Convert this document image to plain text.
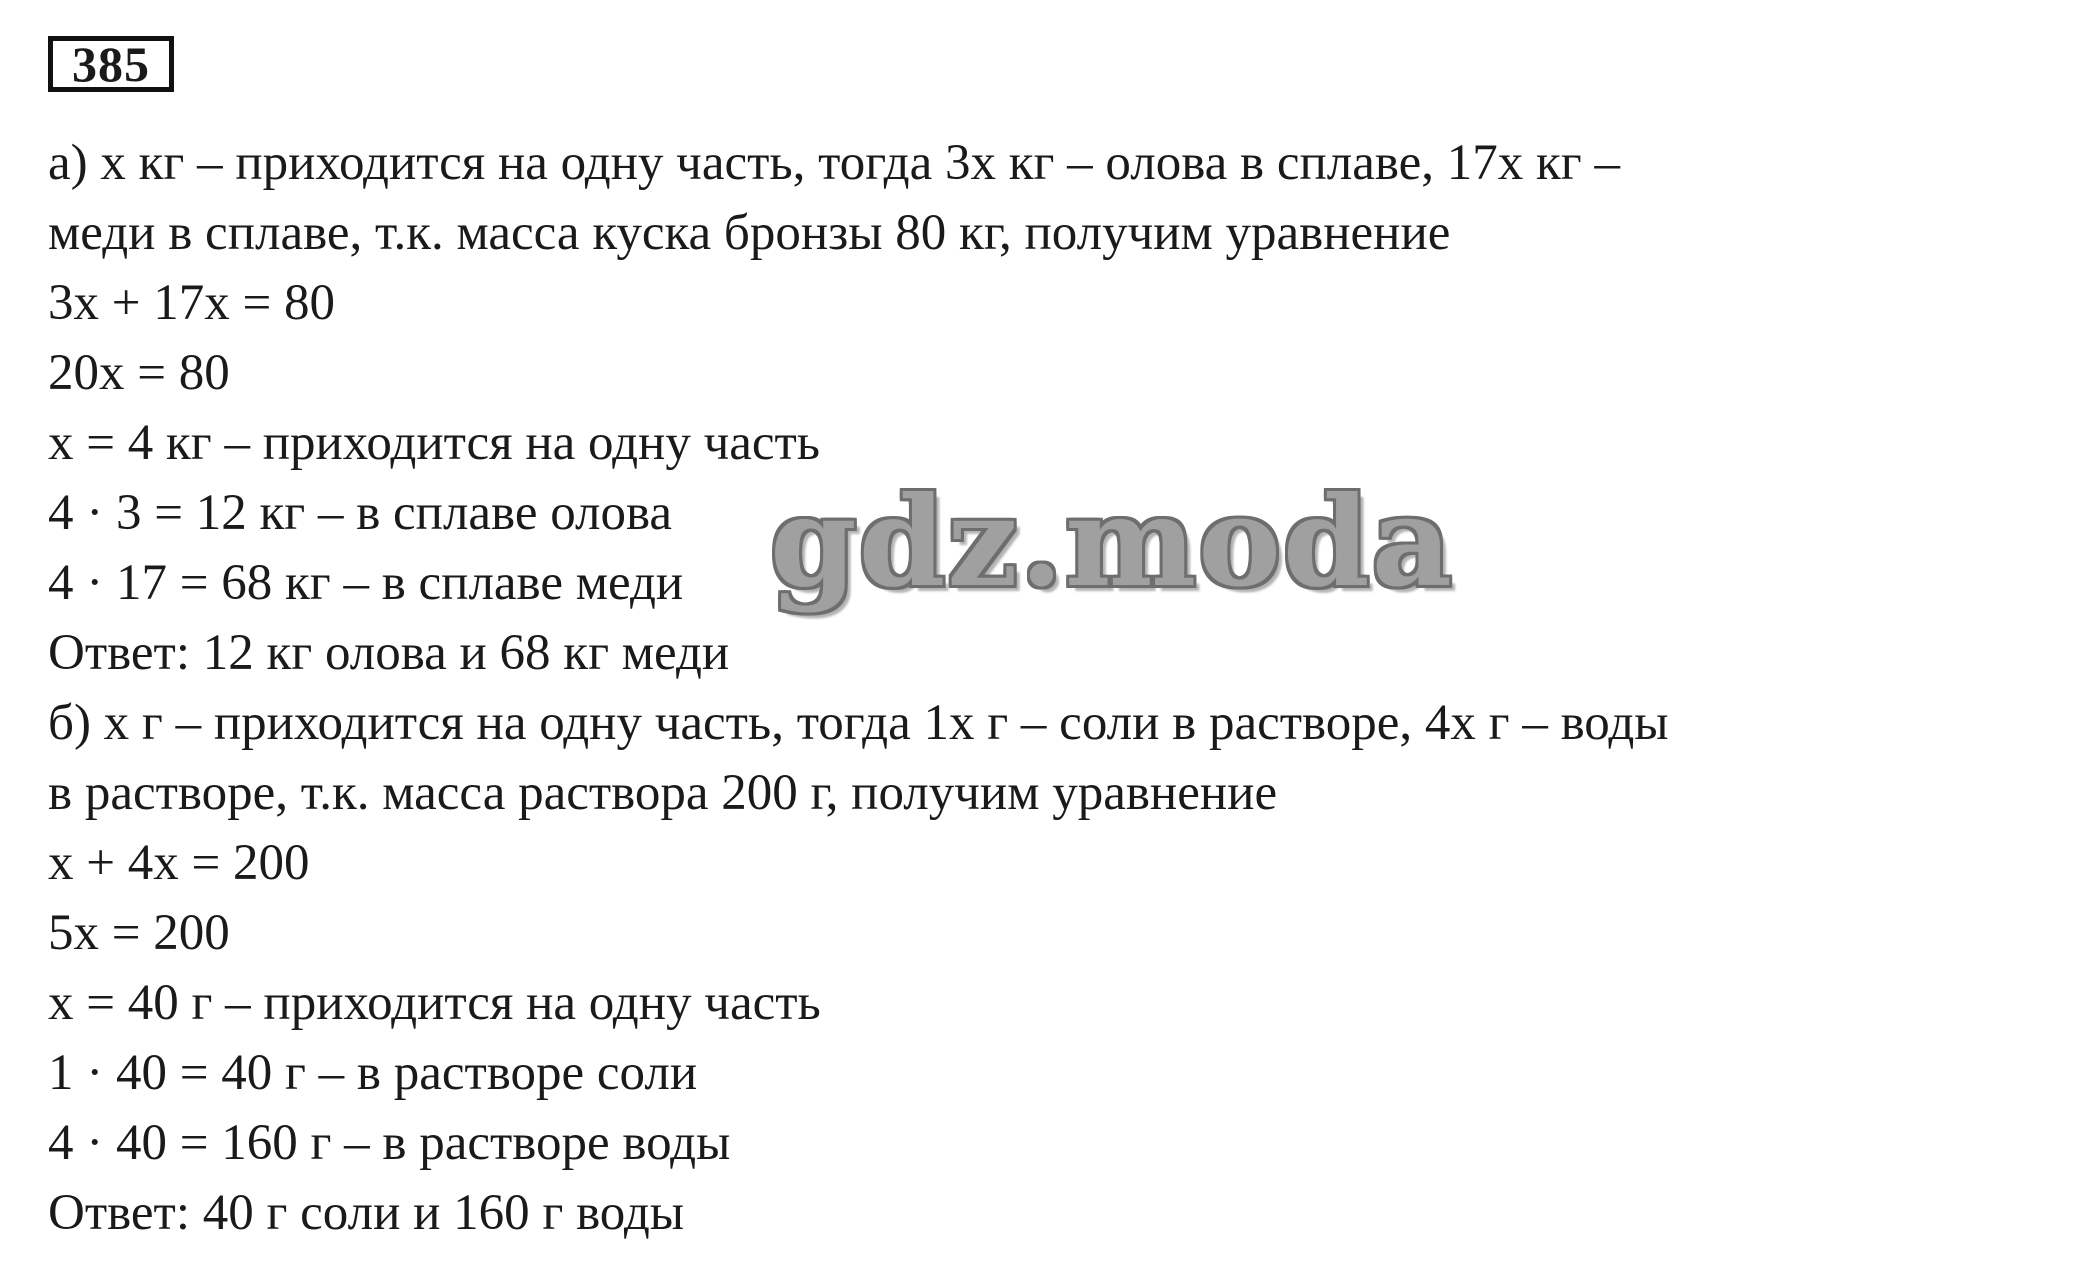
385
а) х кг – приходится на одну часть, тогда 3х кг – олова в сплаве, 17х кг –
меди в сплаве, т.к. масса куска бронзы 80 кг, получим уравнение
3х + 17х = 80
20х = 80
х = 4 кг – приходится на одну часть
4 · 3 = 12 кг – в сплаве олова
4 · 17 = 68 кг – в сплаве меди
Ответ: 12 кг олова и 68 кг меди
б) х г – приходится на одну часть, тогда 1х г – соли в растворе, 4х г – воды
в растворе, т.к. масса раствора 200 г, получим уравнение
х + 4х = 200
5х = 200
х = 40 г – приходится на одну часть
1 · 40 = 40 г – в растворе соли
4 · 40 = 160 г – в растворе воды
Ответ: 40 г соли и 160 г воды
gdz.moda
